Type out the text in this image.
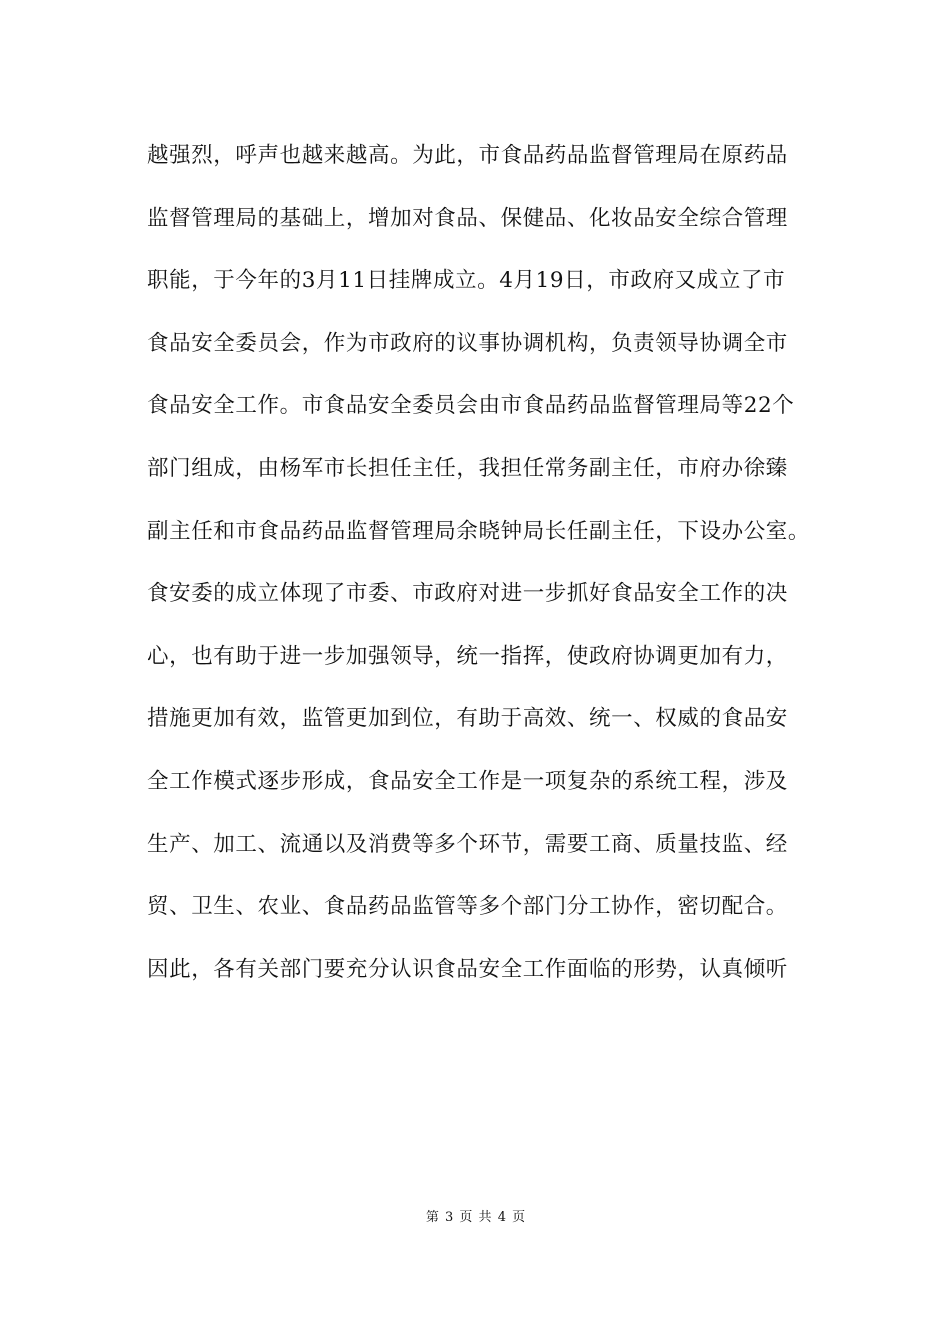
越强烈，呼声也越来越高。为此，市食品药品监督管理局在原药品
监督管理局的基础上，增加对食品、保健品、化妆品安全综合管理
职能，于今年的3月11日挂牌成立。4月19日，市政府又成立了市
食品安全委员会，作为市政府的议事协调机构，负责领导协调全市
食品安全工作。市食品安全委员会由市食品药品监督管理局等22个
部门组成，由杨军市长担任主任，我担任常务副主任，市府办徐臻
副主任和市食品药品监督管理局余晓钟局长任副主任，下设办公室。
食安委的成立体现了市委、市政府对进一步抓好食品安全工作的决
心，也有助于进一步加强领导，统一指挥，使政府协调更加有力，
措施更加有效，监管更加到位，有助于高效、统一、权威的食品安
全工作模式逐步形成，食品安全工作是一项复杂的系统工程，涉及
生产、加工、流通以及消费等多个环节，需要工商、质量技监、经
贸、卫生、农业、食品药品监管等多个部门分工协作，密切配合。
因此，各有关部门要充分认识食品安全工作面临的形势，认真倾听
第 3 页 共 4 页
